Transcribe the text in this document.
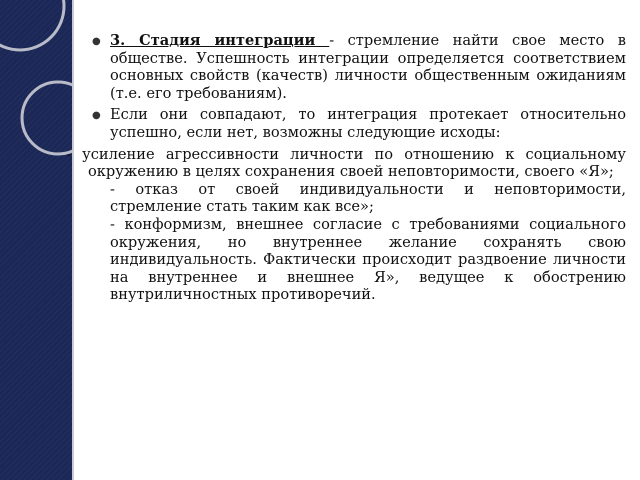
● 3. Стадия интеграции - стремление найти свое место в обществе. Успешность интеграции определяется соответствием основных свойств (качеств) личности общественным ожиданиям (т.е. его требованиям).
● Если они совпадают, то интеграция протекает относительно успешно, если нет, возможны следующие исходы:

- усиление агрессивности личности по отношению к социальному окружению в целях сохранения своей неповторимости, своего «Я»;

- отказ от своей индивидуальности и неповторимости, стремление стать таким как все»;

- конформизм, внешнее согласие с требованиями социального окружения, но внутреннее желание сохранять свою индивидуальность. Фактически происходит раздвоение личности на внутреннее и внешнее Я», ведущее к обострению внутриличностных противоречий.
